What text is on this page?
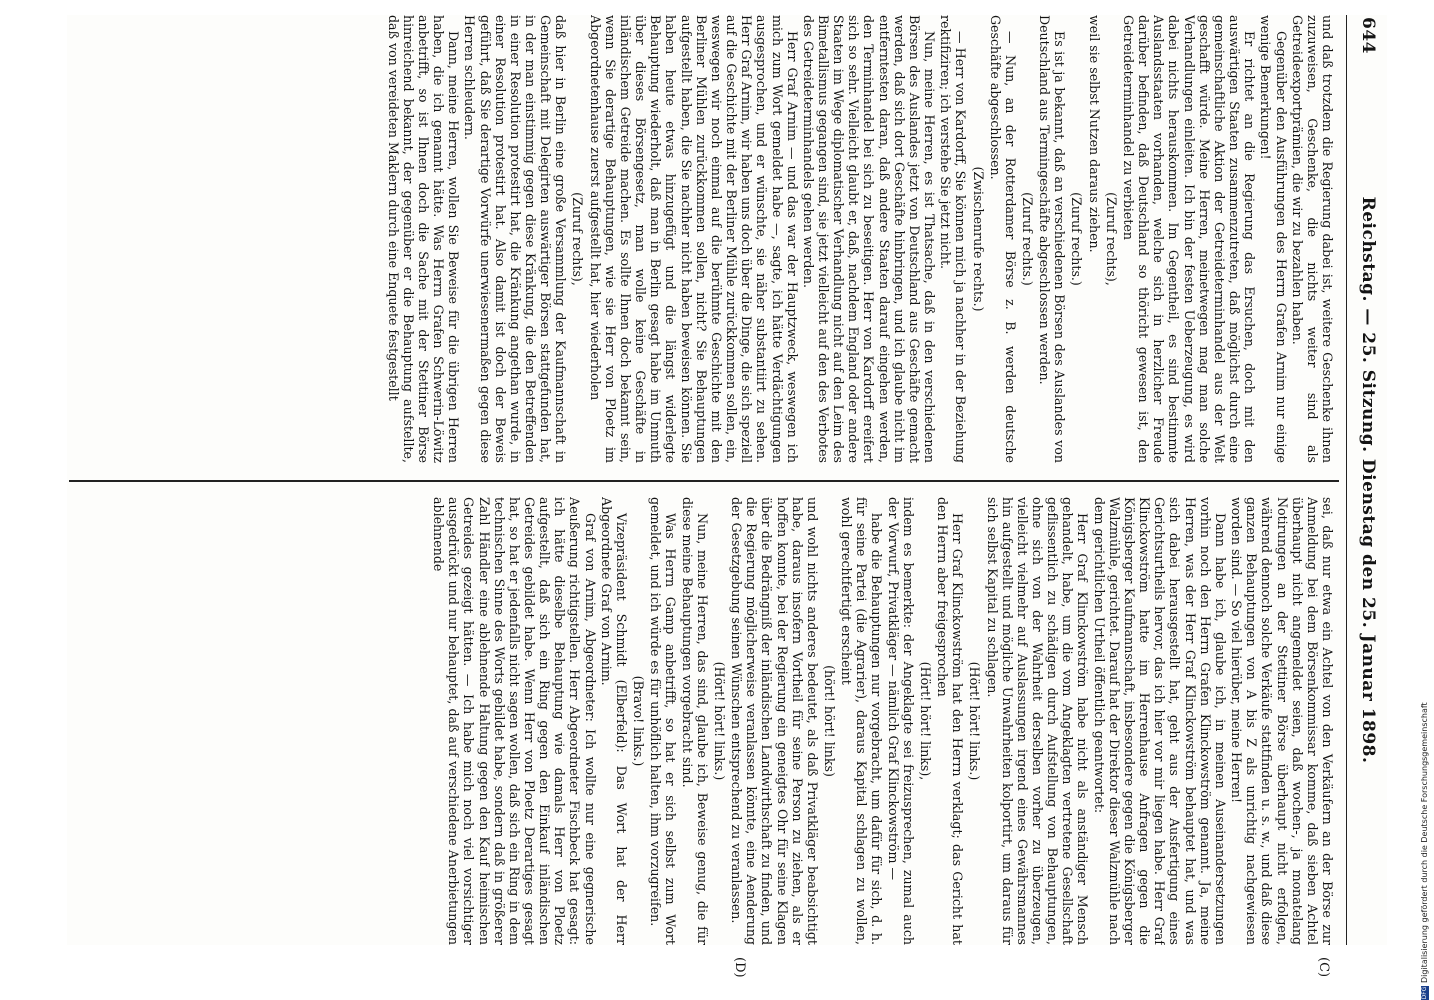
644
Reichstag. — 25. Sitzung. Dienstag den 25. Januar 1898.
(C)
(D)

und daß trotzdem die Regierung dabei ist, weitere Geschenke ihnen zuzuweisen, Geschenke, die nichts weiter sind als Getreideexportprämien, die wir zu bezahlen haben.

Gegenüber den Ausführungen des Herrn Grafen Arnim nur einige wenige Bemerkungen!

Er richtet an die Regierung das Ersuchen, doch mit den auswärtigen Staaten zusammenzutreten, daß möglichst durch eine gemeinschaftliche Aktion der Getreideterminhandel aus der Welt geschafft würde. Meine Herren, meinetwegen mag man solche Verhandlungen einleiten. Ich bin der festen Ueberzeugung, es wird dabei nichts herauskommen. Im Gegentheil, es sind bestimmte Auslandsstaaten vorhanden, welche sich in herzlicher Freude darüber befinden, daß Deutschland so thöricht gewesen ist, den Getreideterminhandel zu verbieten

(Zuruf rechts),

weil sie selbst Nutzen daraus ziehen.

(Zuruf rechts.)

Es ist ja bekannt, daß an verschiedenen Börsen des Auslandes von Deutschland aus Termingeschäfte abgeschlossen werden.

(Zuruf rechts.)

— Nun, an der Rotterdamer Börse z. B. werden deutsche Geschäfte abgeschlossen.

(Zwischenrufe rechts.)

— Herr von Kardorff, Sie können mich ja nachher in der Beziehung rektifiziren; ich verstehe Sie jetzt nicht.

Nun, meine Herren, es ist Thatsache, daß in den verschiedenen Börsen des Auslandes jetzt von Deutschland aus Geschäfte gemacht werden, daß sich dort Geschäfte hinbringen, und ich glaube nicht im entferntesten daran, daß andere Staaten darauf eingehen werden, den Terminhandel bei sich zu beseitigen. Herr von Kardorff ereifert sich so sehr. Vielleicht glaubt er, daß, nachdem England oder andere Staaten im Wege diplomatischer Verhandlung nicht auf den Leim des Bimetallismus gegangen sind, sie jetzt vielleicht auf den des Verbotes des Getreideterminhandels gehen werden.

Herr Graf Arnim — und das war der Hauptzweck, weswegen ich mich zum Wort gemeldet habe —, sagte, ich hätte Verdächtigungen ausgesprochen, und er wünschte, sie näher substantiirt zu sehen. Herr Graf Arnim, wir haben uns doch über die Dinge, die sich speziell auf die Geschichte mit der Berliner Mühle zurückkommen sollen, ein, weswegen wir noch einmal auf die berühmte Geschichte mit den Berliner Mühlen zurückkommen sollen, nicht? Sie Behauptungen aufgestellt haben, die Sie nachher nicht haben beweisen können. Sie haben heute etwas hinzugefügt und die längst widerlegte Behauptung wiederholt, daß man in Berlin gesagt habe im Unmuth über dieses Börsengesetz, man wolle keine Geschäfte in inländischem Getreide machen. Es sollte Ihnen doch bekannt sein, wenn Sie derartige Behauptungen, wie sie Herr von Ploetz im Abgeordnetenhause zuerst aufgestellt hat, hier wiederholen

(Zuruf rechts),

daß hier in Berlin eine große Versammlung der Kaufmannschaft in Gemeinschaft mit Delegirten auswärtiger Börsen stattgefunden hat, in der man einstimmig gegen diese Kränkung, die den Betreffenden in einer Resolution protestirt hat, die Kränkung angethan wurde, in einer Resolution protestirt hat. Also damit ist doch der Beweis geführt, daß Sie derartige Vorwürfe unerwiesenermaßen gegen diese Herren schleudern.

Dann, meine Herren, wollen Sie Beweise für die übrigen Herren haben, die ich genannt hätte. Was Herrn Grafen Schwerin-Löwitz anbetrifft, so ist Ihnen doch die Sache mit der Stettiner Börse hinreichend bekannt, der gegenüber er die Behauptung aufstellte, daß von vereideten Maklern durch eine Enquete festgestellt

sei, daß nur etwa ein Achtel von den Verkäufern an der Börse zur Anmeldung bei dem Börsenkommissar komme, daß sieben Achtel überhaupt nicht angemeldet seien, daß wochen-, ja monatelang Notirungen an der Stettiner Börse überhaupt nicht erfolgen, während dennoch solche Verkäufe stattfinden u. s. w., und daß diese ganzen Behauptungen von A bis Z als unrichtig nachgewiesen worden sind. — So viel hierüber, meine Herren!

Dann habe ich, glaube ich, in meinen Auseinandersetzungen vorhin noch den Herrn Grafen Klinckowström genannt. Ja, meine Herren, was der Herr Graf Klinckowström behauptet hat, und was sich dabei herausgestellt hat, geht aus der Ausfertigung eines Gerichtsurtheils hervor, das ich hier vor mir liegen habe. Herr Graf Klinckowström hatte im Herrenhause Anfragen gegen die Königsberger Kaufmannschaft, insbesondere gegen die Königsberger Walzmühle, gerichtet. Darauf hat der Direktor dieser Walzmühle nach dem gerichtlichen Urtheil öffentlich geantwortet:

Herr Graf Klinckowström habe nicht als anständiger Mensch gehandelt, habe, um die vom Angeklagten vertretene Gesellschaft geflissentlich zu schädigen durch Aufstellung von Behauptungen, ohne sich von der Wahrheit derselben vorher zu überzeugen, vielleicht vielmehr auf Auslassungen irgend eines Gewährsmannes hin aufgestellt und mögliche Unwahrheiten kolportirt, um daraus für sich selbst Kapital zu schlagen.

(Hört! hört! links.)

Herr Graf Klinckowström hat den Herrn verklagt; das Gericht hat den Herrn aber freigesprochen

(Hört! hört! links),

indem es bemerkte: der Angeklagte sei freizusprechen, zumal auch der Vorwurf, Privatkläger — nämlich Graf Klinckowström —

habe die Behauptungen nur vorgebracht, um dafür für sich, d. h. für seine Partei (die Agrarier), daraus Kapital schlagen zu wollen, wohl gerechtfertigt erscheint

(hört! hört! links)

und wohl nichts anderes bedeutet, als daß Privatkläger beabsichtigt habe, daraus insofern Vortheil für seine Person zu ziehen, als er hoffen konnte, bei der Regierung ein geneigtes Ohr für seine Klagen über die Bedrängniß der inländischen Landwirthschaft zu finden, und die Regierung möglicherweise veranlassen könnte, eine Aenderung der Gesetzgebung seinen Wünschen entsprechend zu veranlassen.

(Hört! hört! links.)

Nun, meine Herren, das sind, glaube ich, Beweise genug, die für diese meine Behauptungen vorgebracht sind.

Was Herrn Gamp anbetrifft, so hat er sich selbst zum Wort gemeldet, und ich würde es für unhöflich halten, ihm vorzugreifen.

(Bravo! links.)

Vizepräsident Schmidt (Elberfeld): Das Wort hat der Herr Abgeordnete Graf von Arnim.

Graf von Arnim, Abgeordneter: Ich wollte nur eine gegnerische Aeußerung richtigstellen. Herr Abgeordneter Fischbeck hat gesagt: ich hätte dieselbe Behauptung wie damals Herr von Ploetz aufgestellt, daß sich ein Ring gegen den Einkauf inländischen Getreides gebildet habe. Wenn Herr von Ploetz Derartiges gesagt hat, so hat er jedenfalls nicht sagen wollen, daß sich ein Ring in dem technischen Sinne des Worts gebildet habe, sondern daß in größerer Zahl Händler eine ablehnende Haltung gegen den Kauf heimischen Getreides gezeigt hätten. — Ich habe mich noch viel vorsichtiger ausgedrückt und nur behauptet, daß auf verschiedene Anerbietungen ablehnende

DFGDigitalisierung gefördert durch die Deutsche Forschungsgemeinschaft
